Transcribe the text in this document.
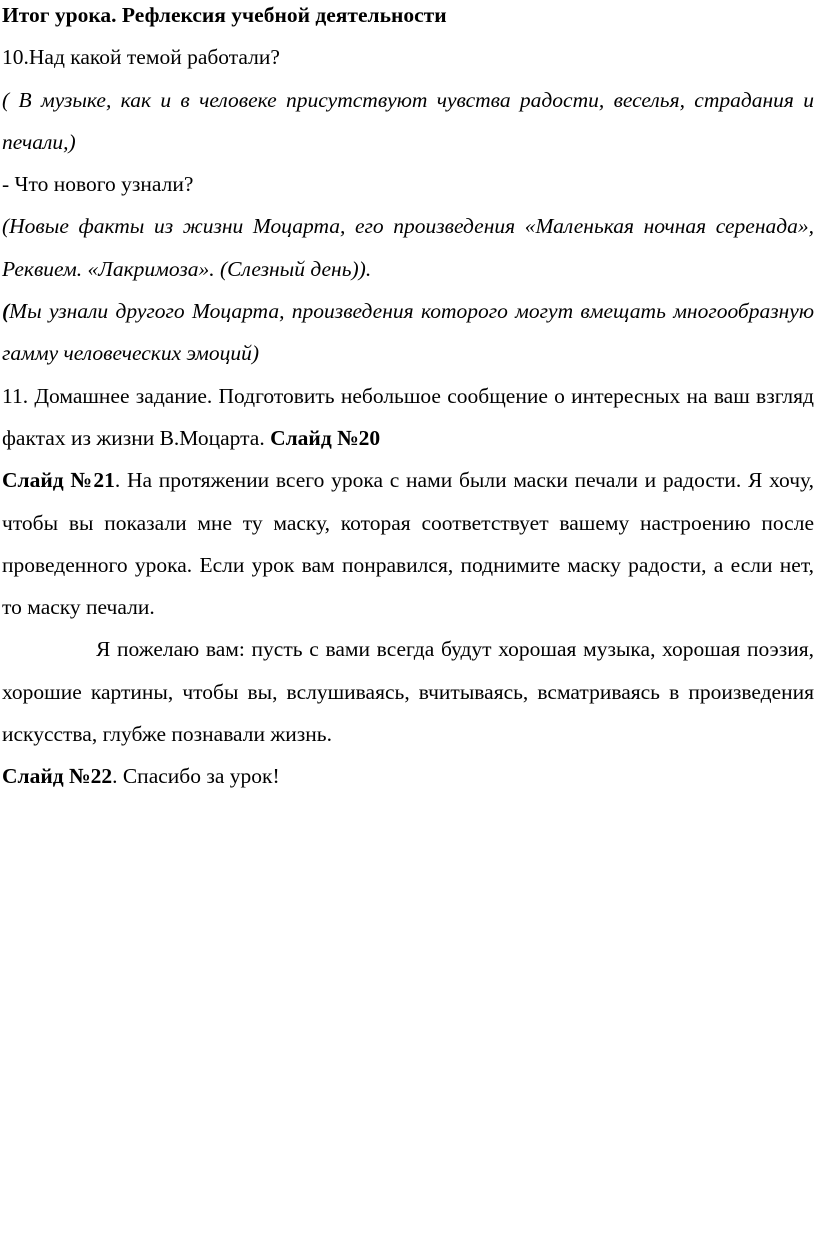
Итог урока. Рефлексия учебной деятельности

10.Над какой темой работали?

( В музыке, как и в человеке присутствуют чувства радости, веселья, страдания и печали,)

- Что нового узнали?

(Новые факты из жизни Моцарта, его произведения «Маленькая ночная серенада», Реквием. «Лакримоза». (Слезный день)).

(Мы узнали другого Моцарта, произведения которого могут вмещать многообразную гамму человеческих эмоций)

11. Домашнее задание. Подготовить небольшое сообщение о интересных на ваш взгляд фактах из жизни В.Моцарта. Слайд №20

Слайд №21. На протяжении всего урока с нами были маски печали и радости. Я хочу, чтобы вы показали мне ту маску, которая соответствует вашему настроению после проведенного урока. Если урок вам понравился, поднимите маску радости, а если нет, то маску печали.

Я пожелаю вам: пусть с вами всегда будут хорошая музыка, хорошая поэзия, хорошие картины, чтобы вы, вслушиваясь, вчитываясь, всматриваясь в произведения искусства, глубже познавали жизнь.

Слайд №22. Спасибо за урок!
